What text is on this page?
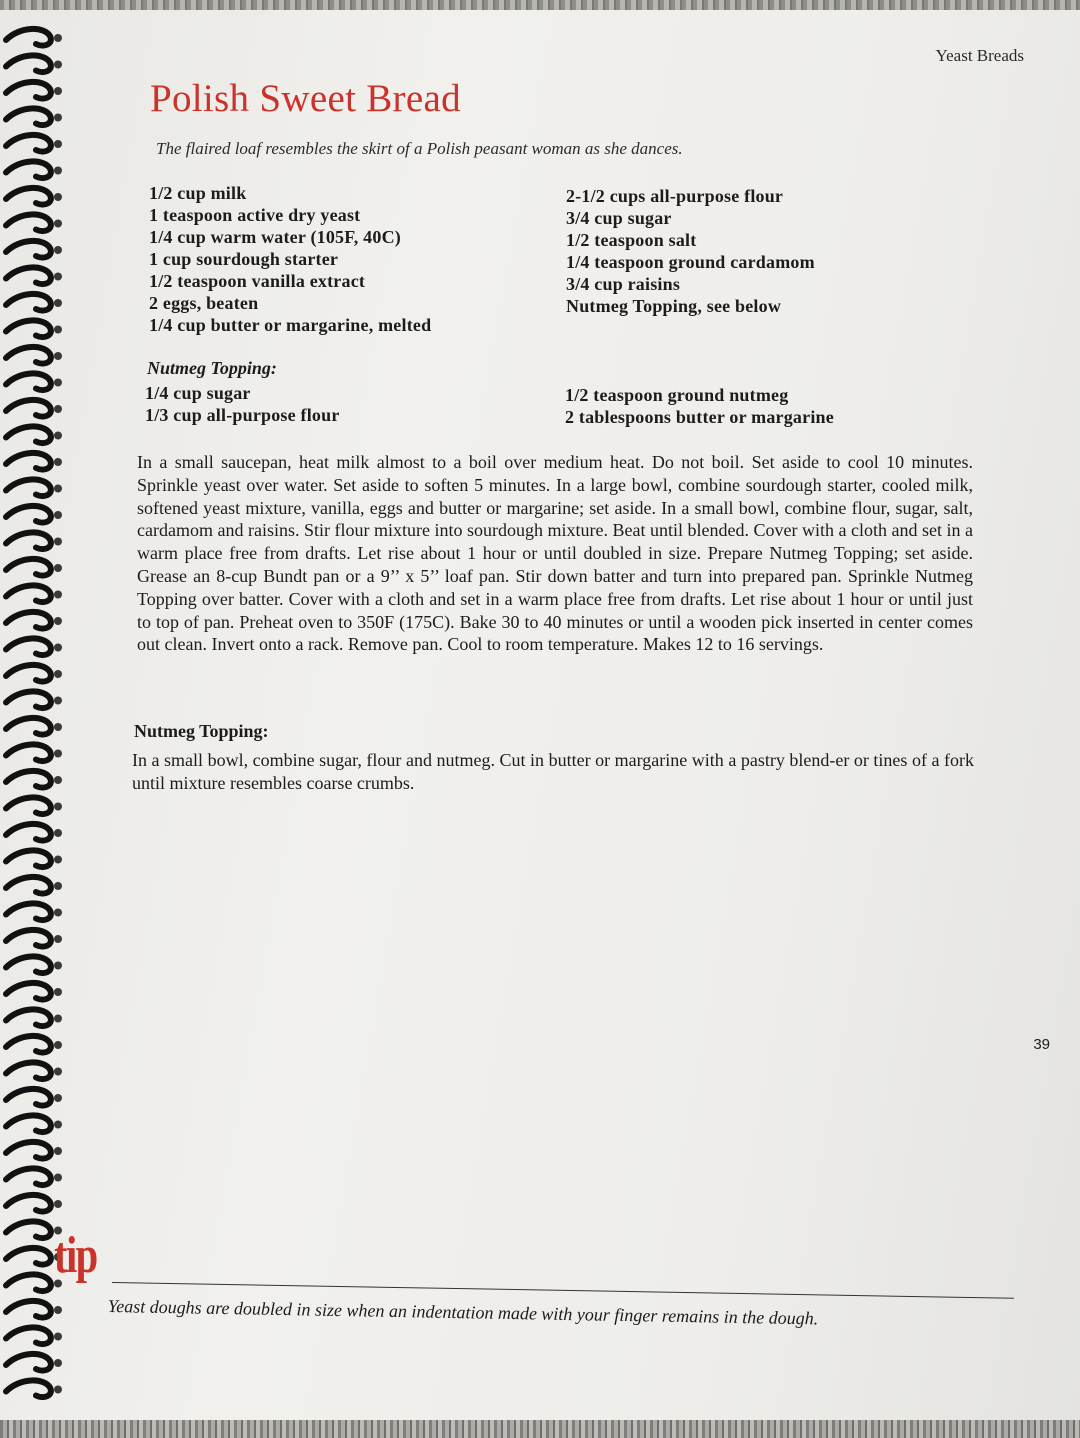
Yeast Breads
Polish Sweet Bread
The flaired loaf resembles the skirt of a Polish peasant woman as she dances.
1/2 cup milk
1 teaspoon active dry yeast
1/4 cup warm water (105F, 40C)
1 cup sourdough starter
1/2 teaspoon vanilla extract
2 eggs, beaten
1/4 cup butter or margarine, melted
2-1/2 cups all-purpose flour
3/4 cup sugar
1/2 teaspoon salt
1/4 teaspoon ground cardamom
3/4 cup raisins
Nutmeg Topping, see below
Nutmeg Topping:
1/4 cup sugar
1/3 cup all-purpose flour
1/2 teaspoon ground nutmeg
2 tablespoons butter or margarine

In a small saucepan, heat milk almost to a boil over medium heat. Do not boil. Set aside to cool 10 minutes. Sprinkle yeast over water. Set aside to soften 5 minutes. In a large bowl, combine sourdough starter, cooled milk, softened yeast mixture, vanilla, eggs and butter or margarine; set aside. In a small bowl, combine flour, sugar, salt, cardamom and raisins. Stir flour mixture into sourdough mixture. Beat until blended. Cover with a cloth and set in a warm place free from drafts. Let rise about 1 hour or until doubled in size. Prepare Nutmeg Topping; set aside. Grease an 8-cup Bundt pan or a 9’’ x 5’’ loaf pan. Stir down batter and turn into prepared pan. Sprinkle Nutmeg Topping over batter. Cover with a cloth and set in a warm place free from drafts. Let rise about 1 hour or until just to top of pan. Preheat oven to 350F (175C). Bake 30 to 40 minutes or until a wooden pick inserted in center comes out clean. Invert onto a rack. Remove pan. Cool to room temperature. Makes 12 to 16 servings.

Nutmeg Topping:

In a small bowl, combine sugar, flour and nutmeg. Cut in butter or margarine with a pastry blend-er or tines of a fork until mixture resembles coarse crumbs.

tip
Yeast doughs are doubled in size when an indentation made with your finger remains in the dough.
39
